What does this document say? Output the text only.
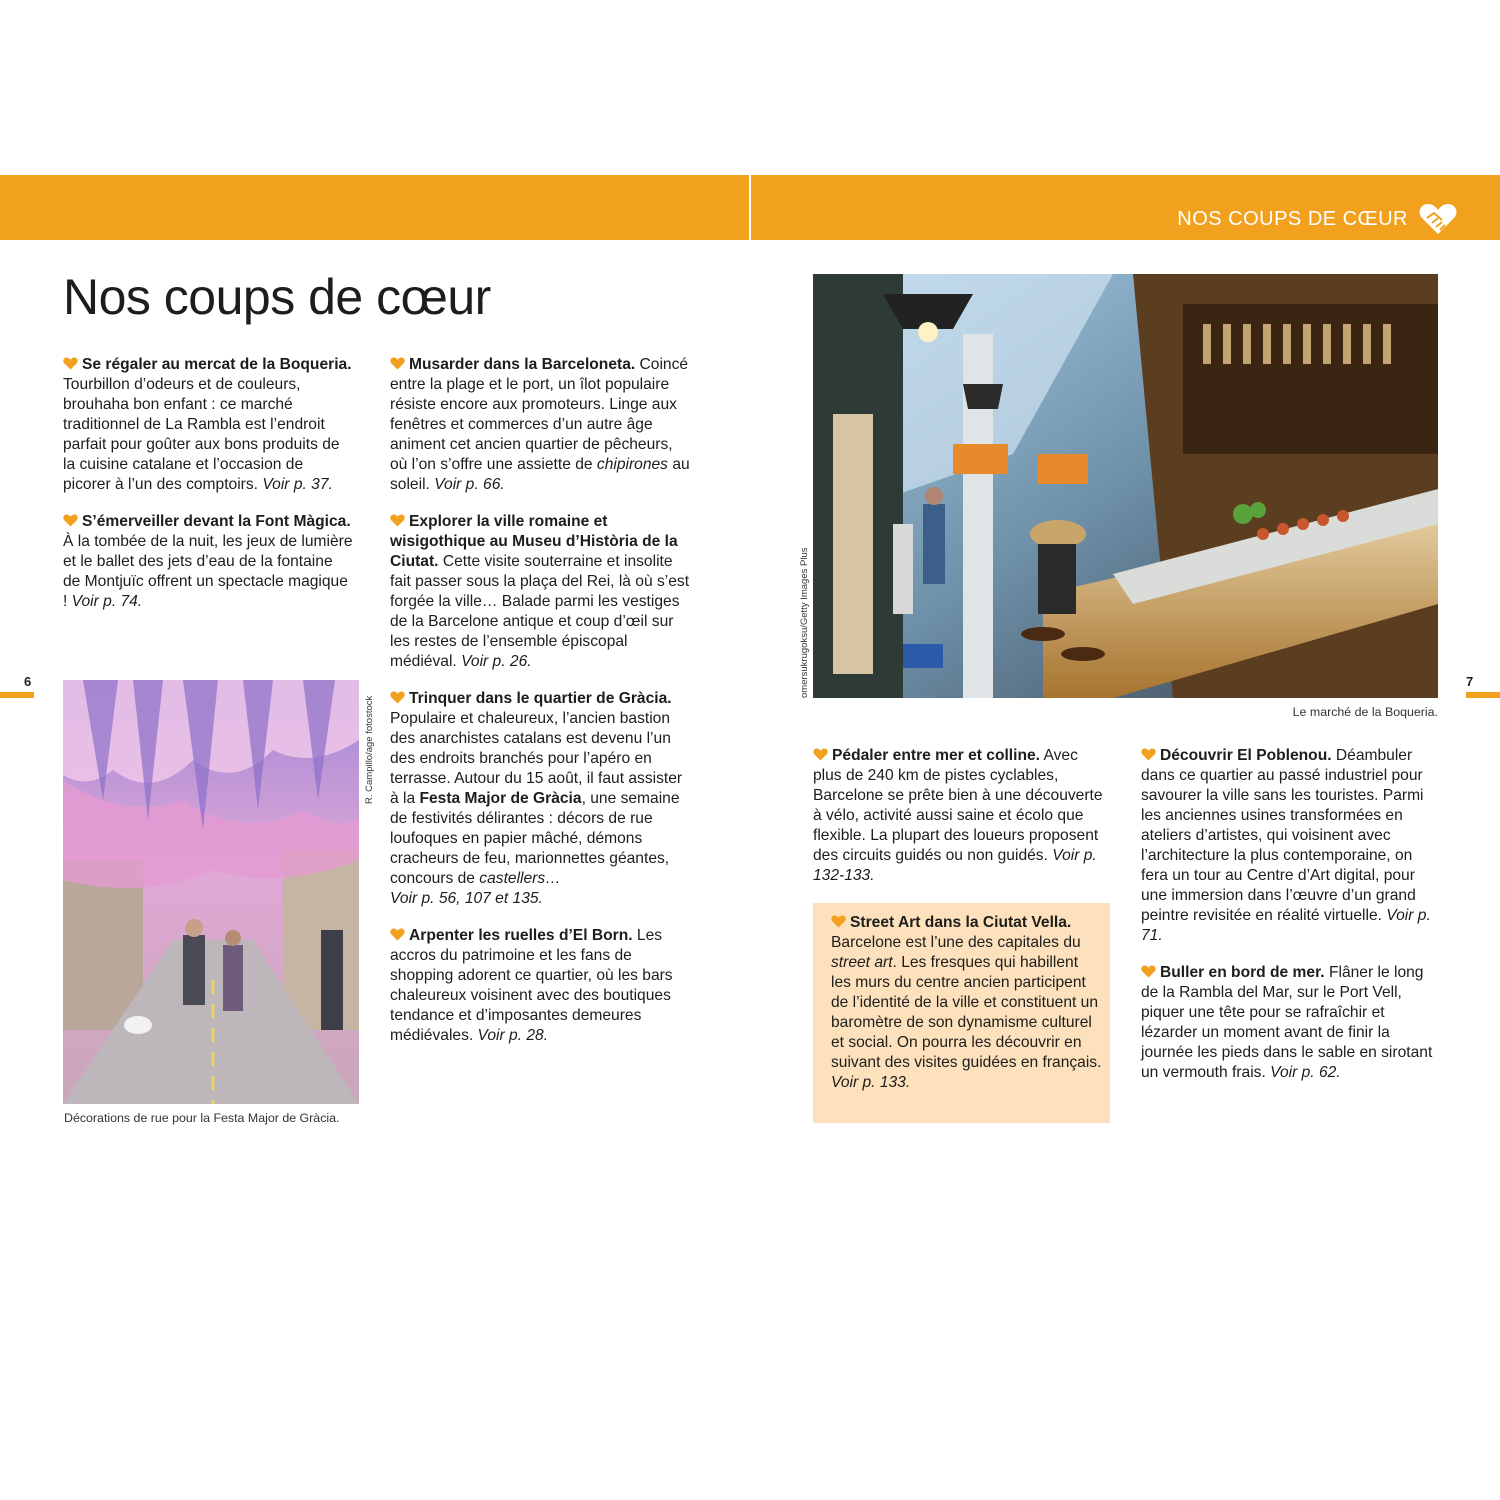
NOS COUPS DE CŒUR
Nos coups de cœur
6	7

Se régaler au mercat de la Boqueria. Tourbillon d’odeurs et de couleurs, brouhaha bon enfant : ce marché traditionnel de La Rambla est l’endroit parfait pour goûter aux bons produits de la cuisine catalane et l’occasion de picorer à l’un des comptoirs. Voir p. 37.

S’émerveiller devant la Font Màgica. À la tombée de la nuit, les jeux de lumière et le ballet des jets d’eau de la fontaine de Montjuïc offrent un spectacle magique ! Voir p. 74.

R. Campillo/age fotostock
Décorations de rue pour la Festa Major de Gràcia.

Musarder dans la Barceloneta. Coincé entre la plage et le port, un îlot populaire résiste encore aux promoteurs. Linge aux fenêtres et commerces d’un autre âge animent cet ancien quartier de pêcheurs, où l’on s’offre une assiette de chipirones au soleil. Voir p. 66.

Explorer la ville romaine et wisigothique au Museu d’Història de la Ciutat. Cette visite souterraine et insolite fait passer sous la plaça del Rei, là où s’est forgée la ville… Balade parmi les vestiges de la Barcelone antique et coup d’œil sur les restes de l’ensemble épiscopal médiéval. Voir p. 26.

Trinquer dans le quartier de Gràcia. Populaire et chaleureux, l’ancien bastion des anarchistes catalans est devenu l’un des endroits branchés pour l’apéro en terrasse. Autour du 15 août, il faut assister à la Festa Major de Gràcia, une semaine de festivités délirantes : décors de rue loufoques en papier mâché, démons cracheurs de feu, marionnettes géantes, concours de castellers…
Voir p. 56, 107 et 135.

Arpenter les ruelles d’El Born. Les accros du patrimoine et les fans de shopping adorent ce quartier, où les bars chaleureux voisinent avec des boutiques tendance et d’imposantes demeures médiévales. Voir p. 28.

omersukrugoksu/Getty Images Plus
Le marché de la Boqueria.

Pédaler entre mer et colline. Avec plus de 240 km de pistes cyclables, Barcelone se prête bien à une découverte à vélo, activité aussi saine et écolo que flexible. La plupart des loueurs proposent des circuits guidés ou non guidés. Voir p. 132-133.

Street Art dans la Ciutat Vella. Barcelone est l’une des capitales du street art. Les fresques qui habillent les murs du centre ancien participent de l’identité de la ville et constituent un baromètre de son dynamisme culturel et social. On pourra les découvrir en suivant des visites guidées en français. Voir p. 133.

Découvrir El Poblenou. Déambuler dans ce quartier au passé industriel pour savourer la ville sans les touristes. Parmi les anciennes usines transformées en ateliers d’artistes, qui voisinent avec l’architecture la plus contemporaine, on fera un tour au Centre d’Art digital, pour une immersion dans l’œuvre d’un grand peintre revisitée en réalité virtuelle. Voir p. 71.

Buller en bord de mer. Flâner le long de la Rambla del Mar, sur le Port Vell, piquer une tête pour se rafraîchir et lézarder un moment avant de finir la journée les pieds dans le sable en sirotant un vermouth frais. Voir p. 62.
